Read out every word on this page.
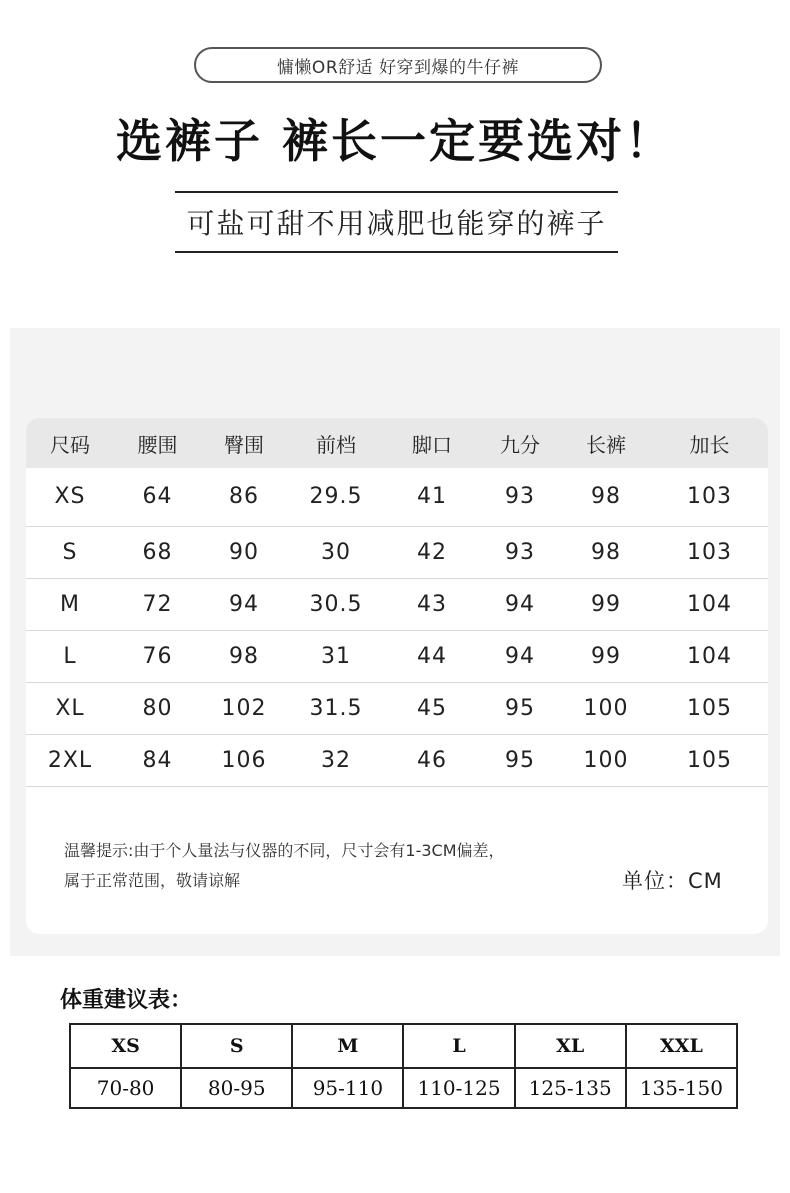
慵懒OR舒适 好穿到爆的牛仔裤
选裤子 裤长一定要选对！
可盐可甜不用减肥也能穿的裤子
尺码	腰围	臀围	前档	脚口	九分	长裤	加长
XS	64	86	29.5	41	93	98	103
S	68	90	30	42	93	98	103
M	72	94	30.5	43	94	99	104
L	76	98	31	44	94	99	104
XL	80	102	31.5	45	95	100	105
2XL	84	106	32	46	95	100	105
温馨提示:由于个人量法与仪器的不同，尺寸会有1-3CM偏差，
属于正常范围，敬请谅解	单位：CM
体重建议表：
XS	S	M	L	XL	XXL
70-80	80-95	95-110	110-125	125-135	135-150
